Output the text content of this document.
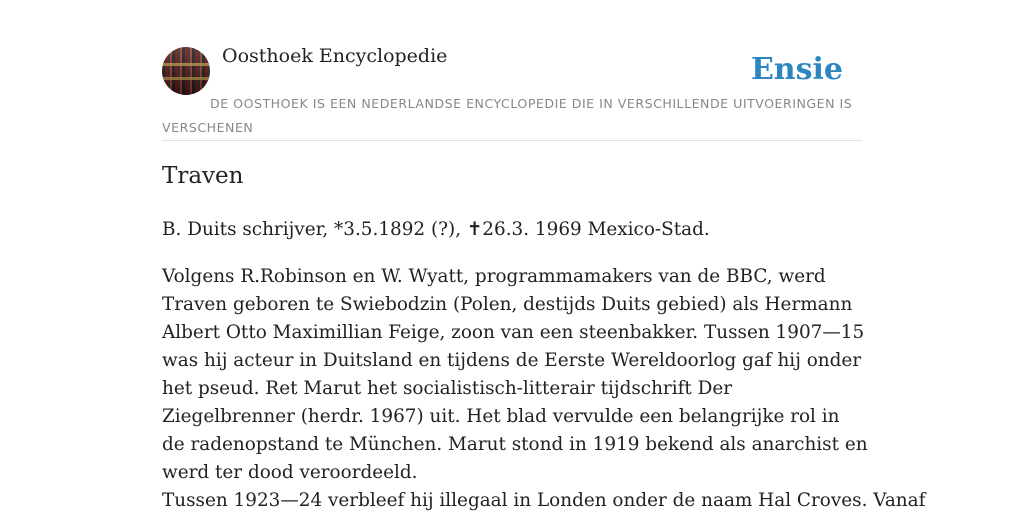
Oosthoek Encyclopedie	Ensie
DE OOSTHOEK IS EEN NEDERLANDSE ENCYCLOPEDIE DIE IN VERSCHILLENDE UITVOERINGEN IS VERSCHENEN
Traven

B. Duits schrijver, *3.5.1892 (?), ✝26.3. 1969 Mexico-Stad.

Volgens R.Robinson en W. Wyatt, programmamakers van de BBC, werd Traven geboren te Swiebodzin (Polen, destijds Duits gebied) als Hermann Albert Otto Maximillian Feige, zoon van een steenbakker. Tussen 1907—15 was hij acteur in Duitsland en tijdens de Eerste Wereldoorlog gaf hij onder het pseud. Ret Marut het socialistisch-litterair tijdschrift Der Ziegelbrenner (herdr. 1967) uit. Het blad vervulde een belangrijke rol in de radenopstand te München. Marut stond in 1919 bekend als anarchist en werd ter dood veroordeeld.

Tussen 1923—24 verbleef hij illegaal in Londen onder de naam Hal Croves. Vanaf
